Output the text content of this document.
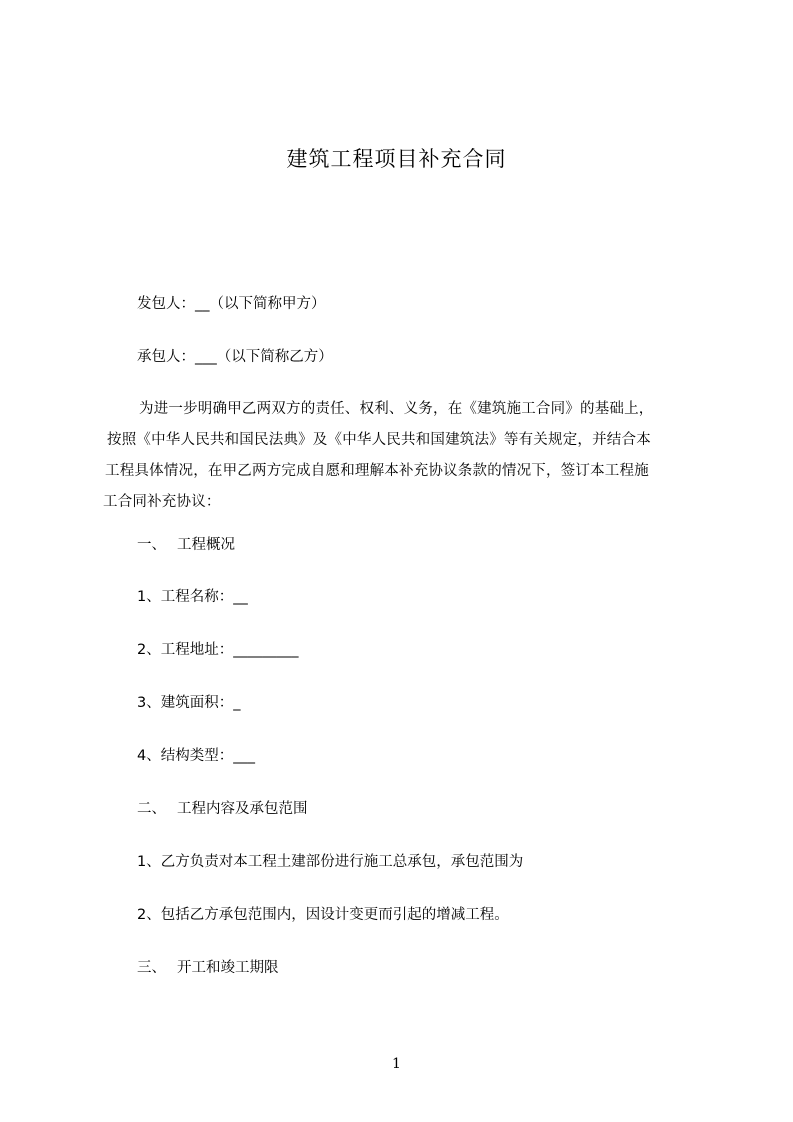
建筑工程项目补充合同
发包人：__（以下简称甲方）
承包人：___（以下简称乙方）
为进一步明确甲乙两双方的责任、权利、义务，在《建筑施工合同》的基础上，
按照《中华人民共和国民法典》及《中华人民共和国建筑法》等有关规定，并结合本
工程具体情况，在甲乙两方完成自愿和理解本补充协议条款的情况下，签订本工程施
工合同补充协议：
一、 工程概况
1、工程名称：__
2、工程地址：_________
3、建筑面积：_
4、结构类型：___
二、 工程内容及承包范围
1、乙方负责对本工程土建部份进行施工总承包，承包范围为
2、包括乙方承包范围内，因设计变更而引起的增减工程。
三、 开工和竣工期限
1
